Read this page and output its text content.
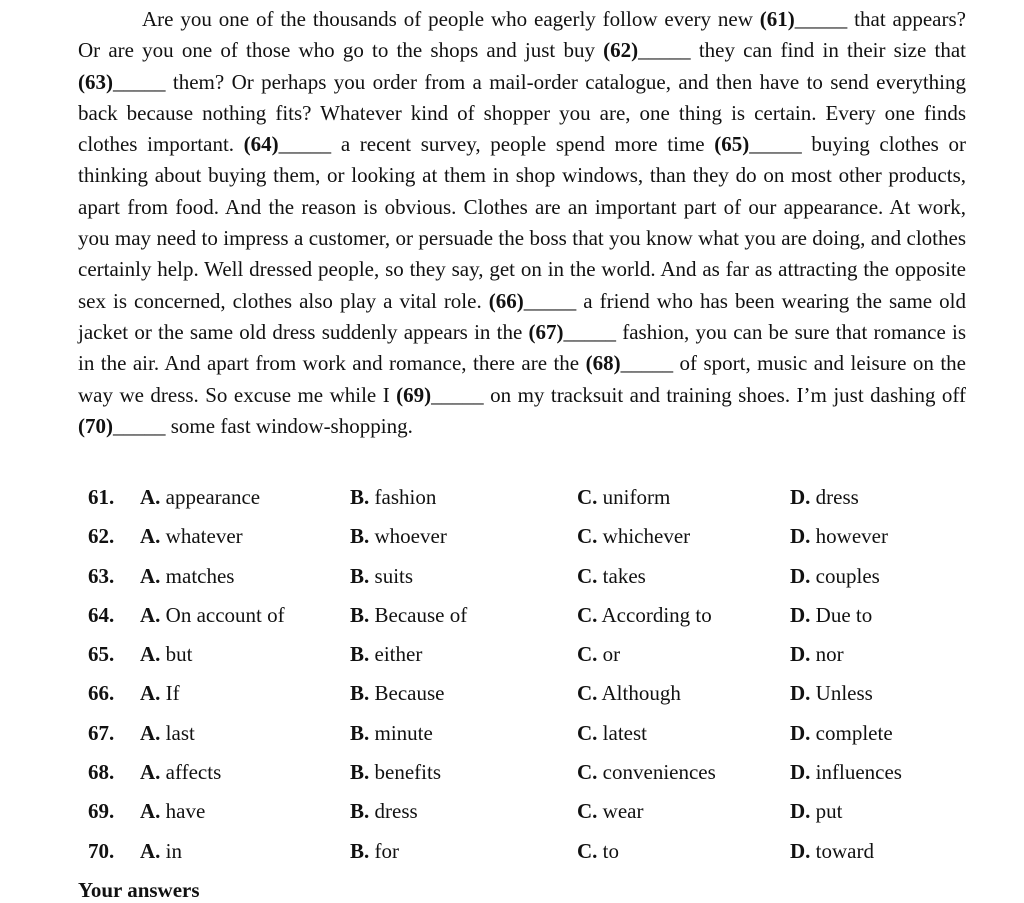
Are you one of the thousands of people who eagerly follow every new (61)_____ that appears? Or are you one of those who go to the shops and just buy (62)_____ they can find in their size that (63)_____ them? Or perhaps you order from a mail-order catalogue, and then have to send everything back because nothing fits? Whatever kind of shopper you are, one thing is certain. Every one finds clothes important. (64)_____ a recent survey, people spend more time (65)_____ buying clothes or thinking about buying them, or looking at them in shop windows, than they do on most other products, apart from food. And the reason is obvious. Clothes are an important part of our appearance. At work, you may need to impress a customer, or persuade the boss that you know what you are doing, and clothes certainly help. Well dressed people, so they say, get on in the world. And as far as attracting the opposite sex is concerned, clothes also play a vital role. (66)_____ a friend who has been wearing the same old jacket or the same old dress suddenly appears in the (67)_____ fashion, you can be sure that romance is in the air. And apart from work and romance, there are the (68)_____ of sport, music and leisure on the way we dress. So excuse me while I (69)_____ on my tracksuit and training shoes. I’m just dashing off (70)_____ some fast window-shopping.

61. A. appearance	B. fashion	C. uniform	D. dress
62. A. whatever	B. whoever	C. whichever	D. however
63. A. matches	B. suits	C. takes	D. couples
64. A. On account of	B. Because of	C. According to	D. Due to
65. A. but	B. either	C. or	D. nor
66. A. If	B. Because	C. Although	D. Unless
67. A. last	B. minute	C. latest	D. complete
68. A. affects	B. benefits	C. conveniences	D. influences
69. A. have	B. dress	C. wear	D. put
70. A. in	B. for	C. to	D. toward
Your answers
